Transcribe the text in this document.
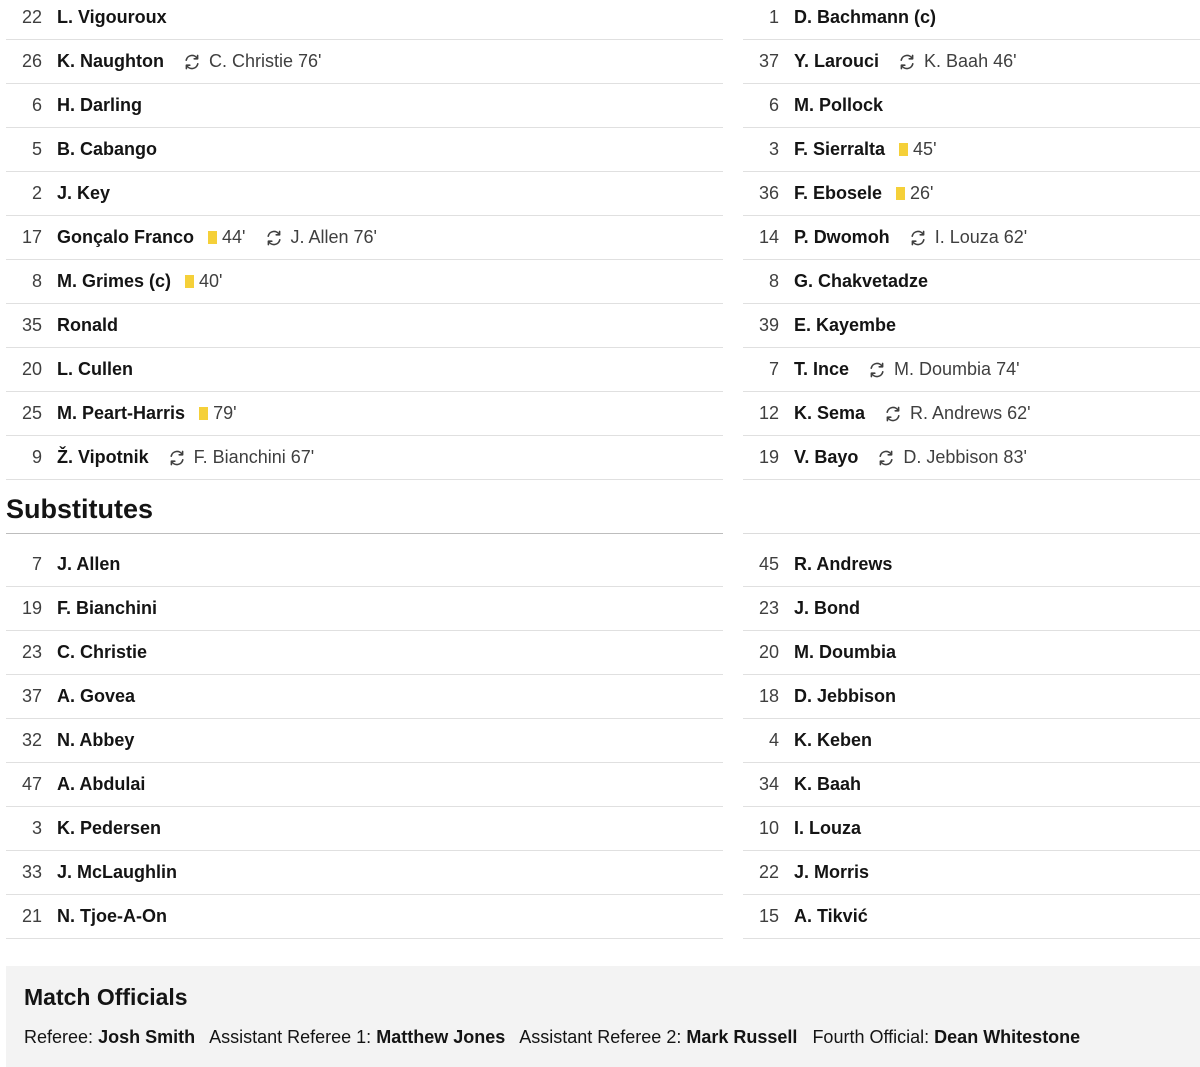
22 L. Vigouroux
26 K. Naughton	C. Christie 76'
6 H. Darling
5 B. Cabango
2 J. Key
17 Gonçalo Franco 44'	J. Allen 76'
8 M. Grimes (c) 40'
35 Ronald
20 L. Cullen
25 M. Peart-Harris 79'
9 Ž. Vipotnik	F. Bianchini 67'
1 D. Bachmann (c)
37 Y. Larouci	K. Baah 46'
6 M. Pollock
3 F. Sierralta 45'
36 F. Ebosele 26'
14 P. Dwomoh	I. Louza 62'
8 G. Chakvetadze
39 E. Kayembe
7 T. Ince	M. Doumbia 74'
12 K. Sema	R. Andrews 62'
19 V. Bayo	D. Jebbison 83'
Substitutes
7 J. Allen
19 F. Bianchini
23 C. Christie
37 A. Govea
32 N. Abbey
47 A. Abdulai
3 K. Pedersen
33 J. McLaughlin
21 N. Tjoe-A-On
45 R. Andrews
23 J. Bond
20 M. Doumbia
18 D. Jebbison
4 K. Keben
34 K. Baah
10 I. Louza
22 J. Morris
15 A. Tikvić
Match Officials
Referee: Josh Smith Assistant Referee 1: Matthew Jones Assistant Referee 2: Mark Russell Fourth Official: Dean Whitestone
